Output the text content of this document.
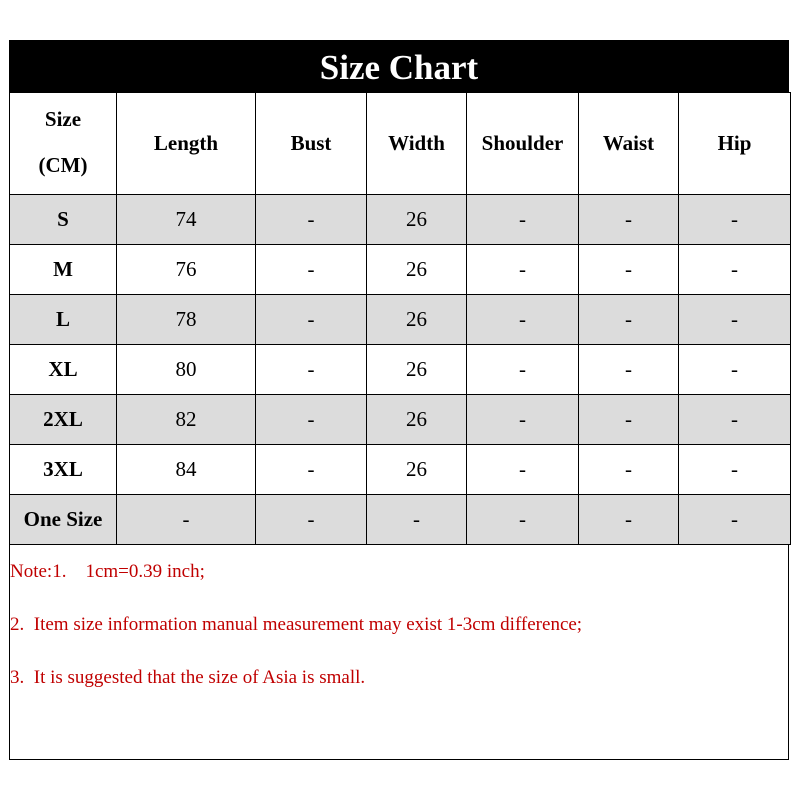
Size Chart
Size
(CM)	Length	Bust	Width	Shoulder	Waist	Hip
S	74	-	26	-	-	-
M	76	-	26	-	-	-
L	78	-	26	-	-	-
XL	80	-	26	-	-	-
2XL	82	-	26	-	-	-
3XL	84	-	26	-	-	-
One Size	-	-	-	-	-	-
Note:1.    1cm=0.39 inch;
2.  Item size information manual measurement may exist 1-3cm difference;
3.  It is suggested that the size of Asia is small.
